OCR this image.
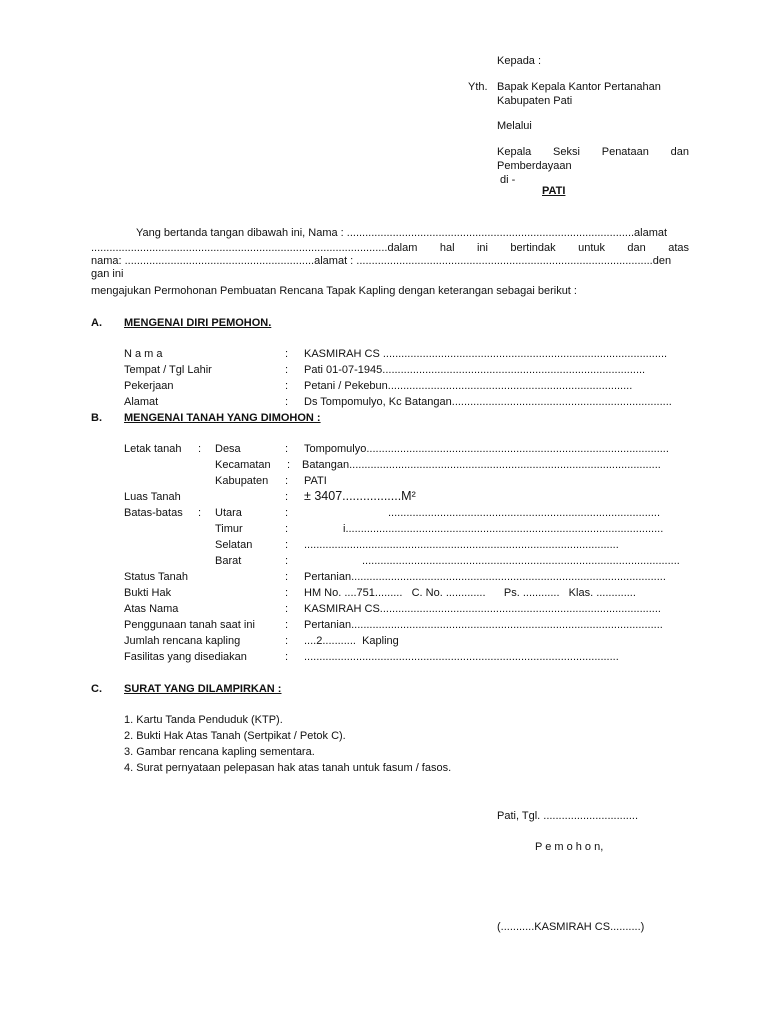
Kepada :
Yth. Bapak Kepala Kantor Pertanahan
Kabupaten Pati
Melalui
Kepala Seksi Penataan dan
Pemberdayaan
di -
PATI
Yang bertanda tangan dibawah ini, Nama : ..............................................................................................alamat
.................................................................................................dalam hal ini bertindak untuk dan atas
nama: ..............................................................alamat : .................................................................................................den
gan ini
mengajukan Permohonan Pembuatan Rencana Tapak Kapling dengan keterangan sebagai berikut :
A. MENGENAI DIRI PEMOHON.
N a m a	: KASMIRAH CS .............................................................................................
Tempat / Tgl Lahir	: Pati 01-07-1945......................................................................................
Pekerjaan	: Petani / Pekebun................................................................................
Alamat	: Ds Tompomulyo, Kc Batangan........................................................................
B. MENGENAI TANAH YANG DIMOHON :
Letak tanah : Desa	: Tompomulyo...................................................................................................
Kecamatan : Batangan......................................................................................................
Kabupaten : PATI
Luas Tanah	: ± 3407.................M²
Batas-batas : Utara	:	.........................................................................................
Timur	:	i........................................................................................................
Selatan	: .......................................................................................................
Barat	:	........................................................................................................
Status Tanah	: Pertanian.......................................................................................................
Bukti Hak	: HM No. ....751.........   C. No. .............      Ps. ............   Klas. .............
Atas Nama	: KASMIRAH CS............................................................................................
Penggunaan tanah saat ini	: Pertanian......................................................................................................
Jumlah rencana kapling	: ....2...........  Kapling
Fasilitas yang disediakan	: .......................................................................................................
C. SURAT YANG DILAMPIRKAN :
1. Kartu Tanda Penduduk (KTP).
2. Bukti Hak Atas Tanah (Sertpikat / Petok C).
3. Gambar rencana kapling sementara.
4. Surat pernyataan pelepasan hak atas tanah untuk fasum / fasos.
Pati, Tgl. ...............................
P e m o h o n,
(...........KASMIRAH CS..........)
